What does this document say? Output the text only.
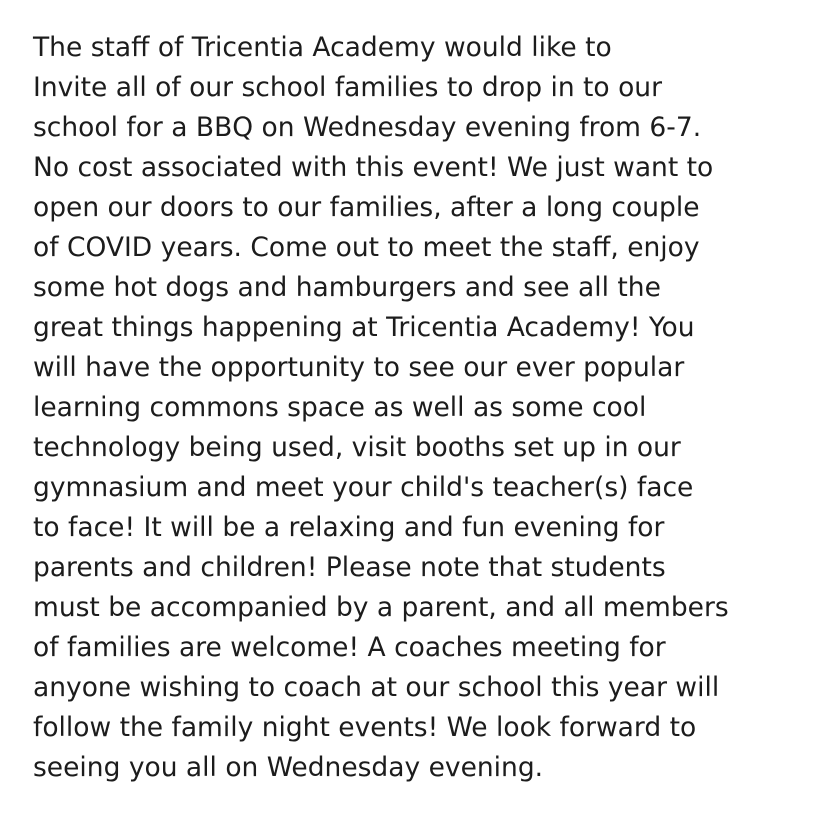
The staff of Tricentia Academy would like to
Invite all of our school families to drop in to our
school for a BBQ on Wednesday evening from 6-7.
No cost associated with this event! We just want to
open our doors to our families, after a long couple
of COVID years. Come out to meet the staff, enjoy
some hot dogs and hamburgers and see all the
great things happening at Tricentia Academy! You
will have the opportunity to see our ever popular
learning commons space as well as some cool
technology being used, visit booths set up in our
gymnasium and meet your child's teacher(s) face
to face! It will be a relaxing and fun evening for
parents and children! Please note that students
must be accompanied by a parent, and all members
of families are welcome! A coaches meeting for
anyone wishing to coach at our school this year will
follow the family night events! We look forward to
seeing you all on Wednesday evening.
